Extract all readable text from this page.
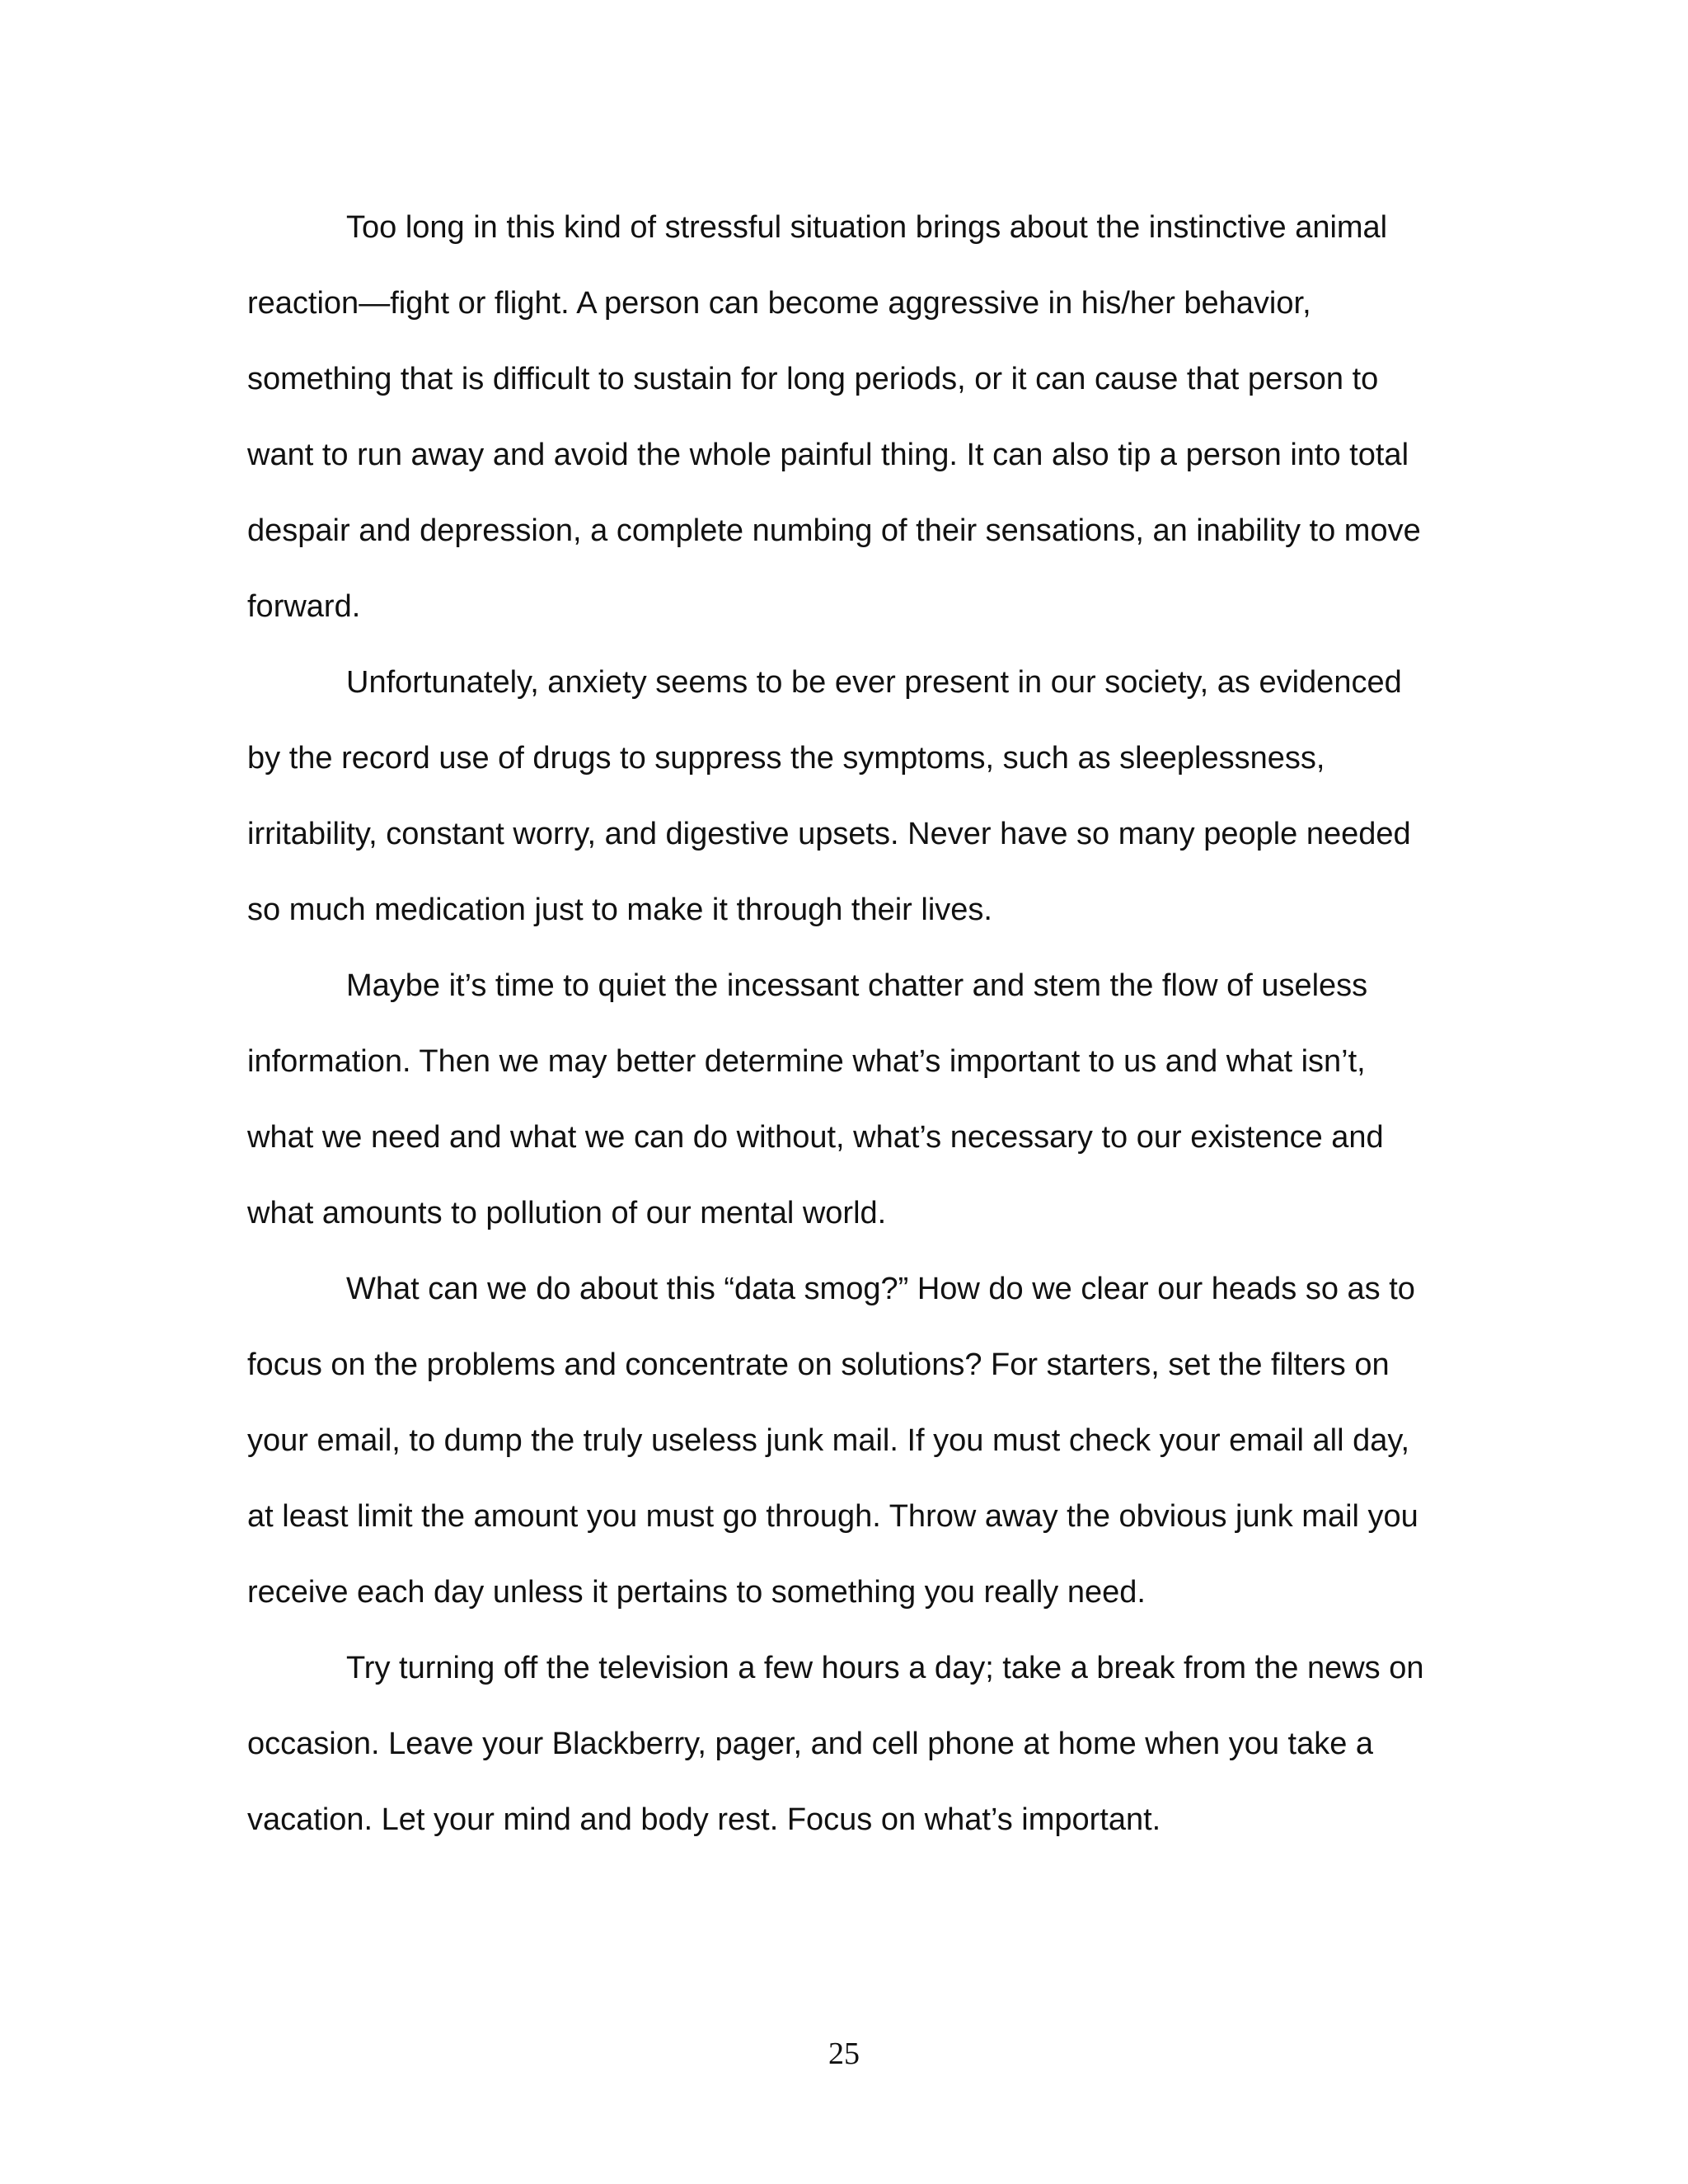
Too long in this kind of stressful situation brings about the instinctive animal reaction—fight or flight. A person can become aggressive in his/her behavior, something that is difficult to sustain for long periods, or it can cause that person to want to run away and avoid the whole painful thing. It can also tip a person into total despair and depression, a complete numbing of their sensations, an inability to move forward.

Unfortunately, anxiety seems to be ever present in our society, as evidenced by the record use of drugs to suppress the symptoms, such as sleeplessness, irritability, constant worry, and digestive upsets. Never have so many people needed so much medication just to make it through their lives.

Maybe it’s time to quiet the incessant chatter and stem the flow of useless information. Then we may better determine what’s important to us and what isn’t, what we need and what we can do without, what’s necessary to our existence and what amounts to pollution of our mental world.

What can we do about this “data smog?” How do we clear our heads so as to focus on the problems and concentrate on solutions? For starters, set the filters on your email, to dump the truly useless junk mail. If you must check your email all day, at least limit the amount you must go through. Throw away the obvious junk mail you receive each day unless it pertains to something you really need.

Try turning off the television a few hours a day; take a break from the news on occasion. Leave your Blackberry, pager, and cell phone at home when you take a vacation. Let your mind and body rest. Focus on what’s important.

25
